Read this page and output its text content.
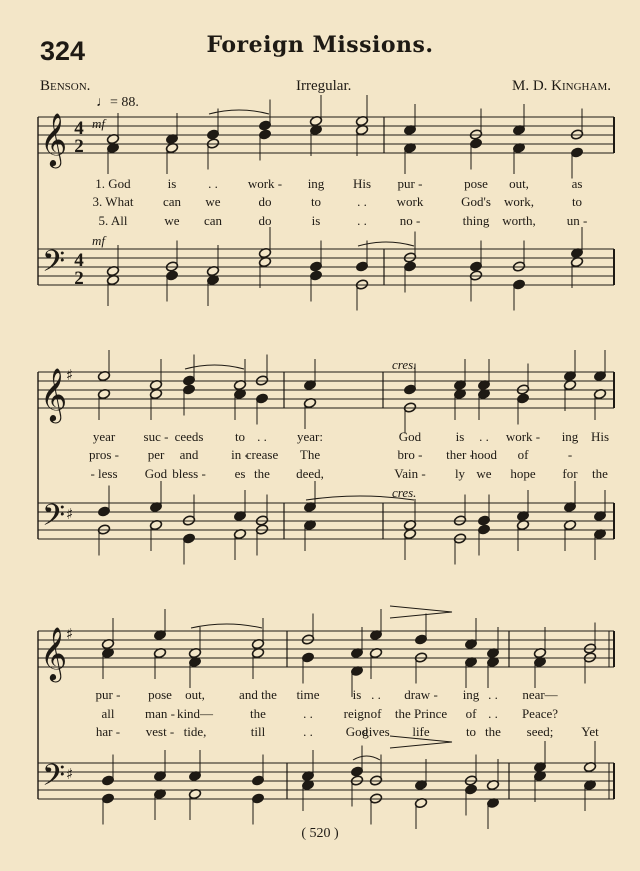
324	Foreign Missions.
Benson.	Irregular.	M. D. Kingham.
♩= 88.
𝄞
𝄢
4
2
4
2
1. God	is . . work - ing His pur -	pose out,	as
3. What can we	do	to	. . work	God's work,	to
5. All	we can	do	is	. .	no -	thing worth, un -
𝄞
𝄢
♯
♯
year suc - ceeds to . . year:	God	is . . work - ing His
pros - per and	in -
crease The	bro - ther -
hood of	-
- less God bless - es the deed,	Vain - ly we hope for the
𝄞
𝄢
♯
♯
pur - pose out,	and the time	is . . draw - ing . . near—
all man - kind—	the	. . reign of the Prince of . . Peace?
har - vest - tide,	till	. .	God
gives life	to the seed; Yet
mf
mf
cres.
cres.
( 520 )
